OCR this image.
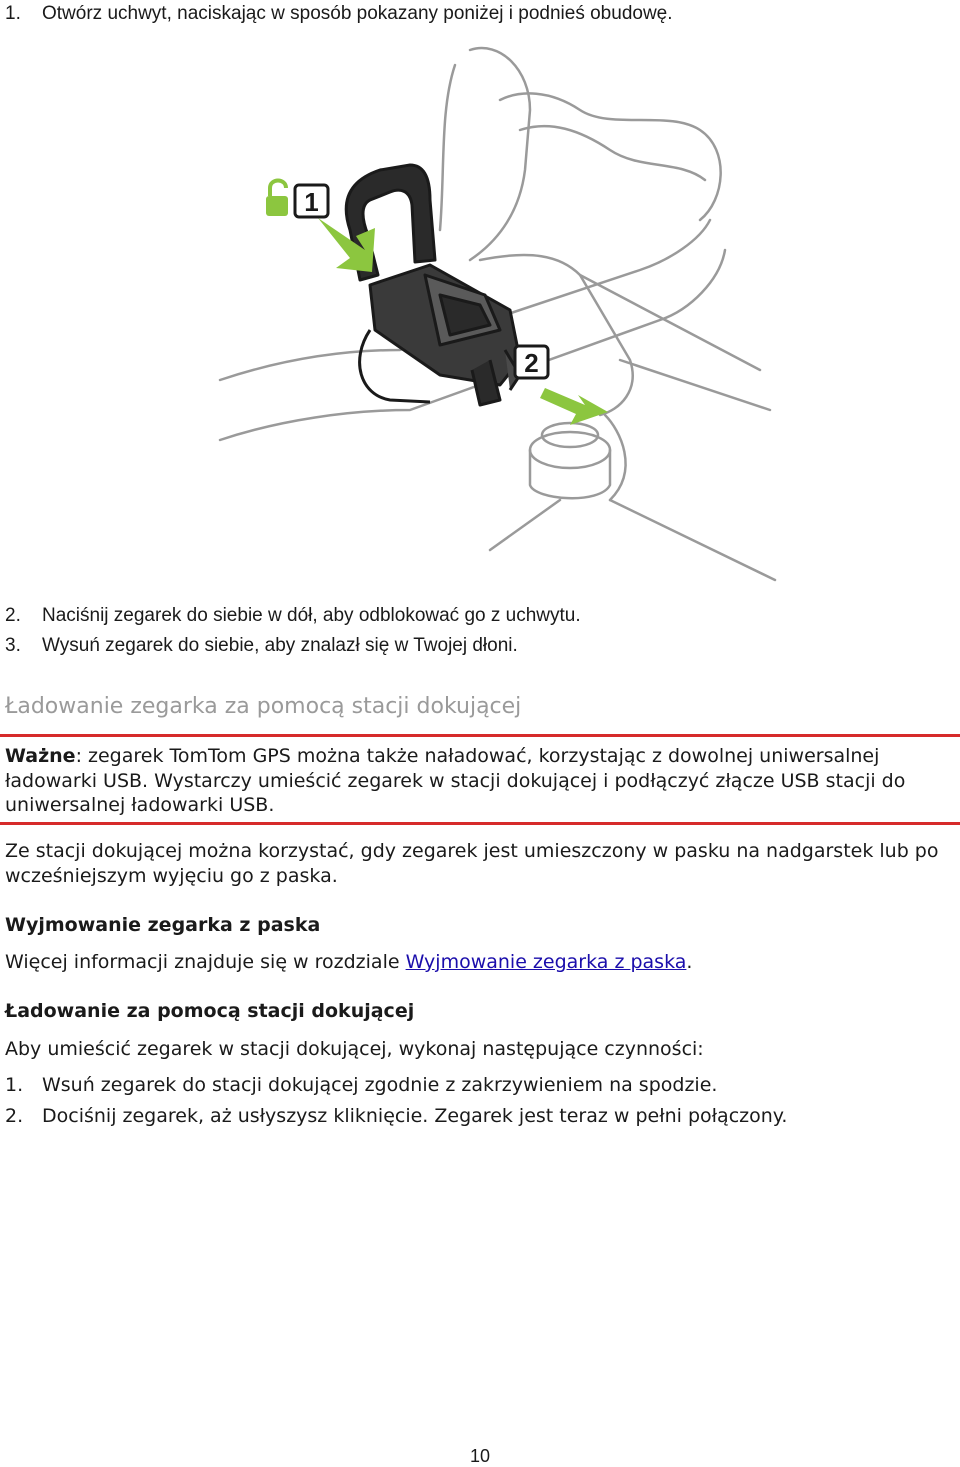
1. Otwórz uchwyt, naciskając w sposób pokazany poniżej i podnieś obudowę.
1
2
2. Naciśnij zegarek do siebie w dół, aby odblokować go z uchwytu.
3. Wysuń zegarek do siebie, aby znalazł się w Twojej dłoni.
Ładowanie zegarka za pomocą stacji dokującej
Ważne: zegarek TomTom GPS można także naładować, korzystając z dowolnej uniwersalnej ładowarki USB. Wystarczy umieścić zegarek w stacji dokującej i podłączyć złącze USB stacji do uniwersalnej ładowarki USB.
Ze stacji dokującej można korzystać, gdy zegarek jest umieszczony w pasku na nadgarstek lub po wcześniejszym wyjęciu go z paska.
Wyjmowanie zegarka z paska
Więcej informacji znajduje się w rozdziale Wyjmowanie zegarka z paska.
Ładowanie za pomocą stacji dokującej
Aby umieścić zegarek w stacji dokującej, wykonaj następujące czynności:
1. Wsuń zegarek do stacji dokującej zgodnie z zakrzywieniem na spodzie.
2. Dociśnij zegarek, aż usłyszysz kliknięcie. Zegarek jest teraz w pełni połączony.
10
